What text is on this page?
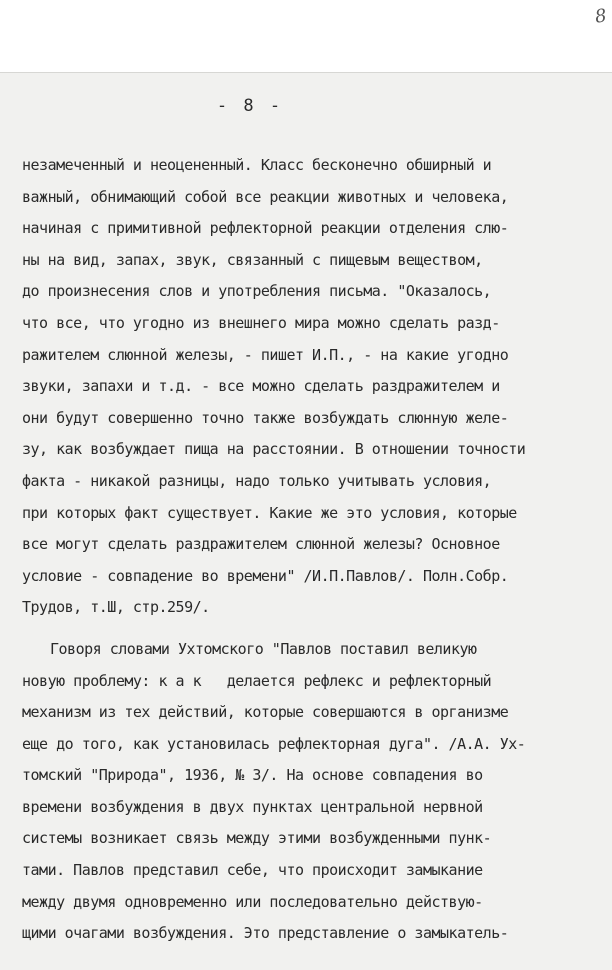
8
- 8 -
незамеченный и неоцененный. Класс бесконечно обширный и
важный, обнимающий собой все реакции животных и человека,
начиная с примитивной рефлекторной реакции отделения слю-
ны на вид, запах, звук, связанный с пищевым веществом,
до произнесения слов и употребления письма. "Оказалось,
что все, что угодно из внешнего мира можно сделать разд-
ражителем слюнной железы, - пишет И.П., - на какие угодно
звуки, запахи и т.д. - все можно сделать раздражителем и
они будут совершенно точно также возбуждать слюнную желе-
зу, как возбуждает пища на расстоянии. В отношении точности
факта - никакой разницы, надо только учитывать условия,
при которых факт существует. Какие же это условия, которые
все могут сделать раздражителем слюнной железы? Основное
условие - совпадение во времени" /И.П.Павлов/. Полн.Собр.
Трудов, т.Ш, стр.259/.
Говоря словами Ухтомского "Павлов поставил великую
новую проблему: к а к   делается рефлекс и рефлекторный
механизм из тех действий, которые совершаются в организме
еще до того, как установилась рефлекторная дуга". /А.А. Ух-
томский "Природа", 1936, № 3/. На основе совпадения во
времени возбуждения в двух пунктах центральной нервной
системы возникает связь между этими возбужденными пунк-
тами. Павлов представил себе, что происходит замыкание
между двумя одновременно или последовательно действую-
щими очагами возбуждения. Это представление о замыкатель-
